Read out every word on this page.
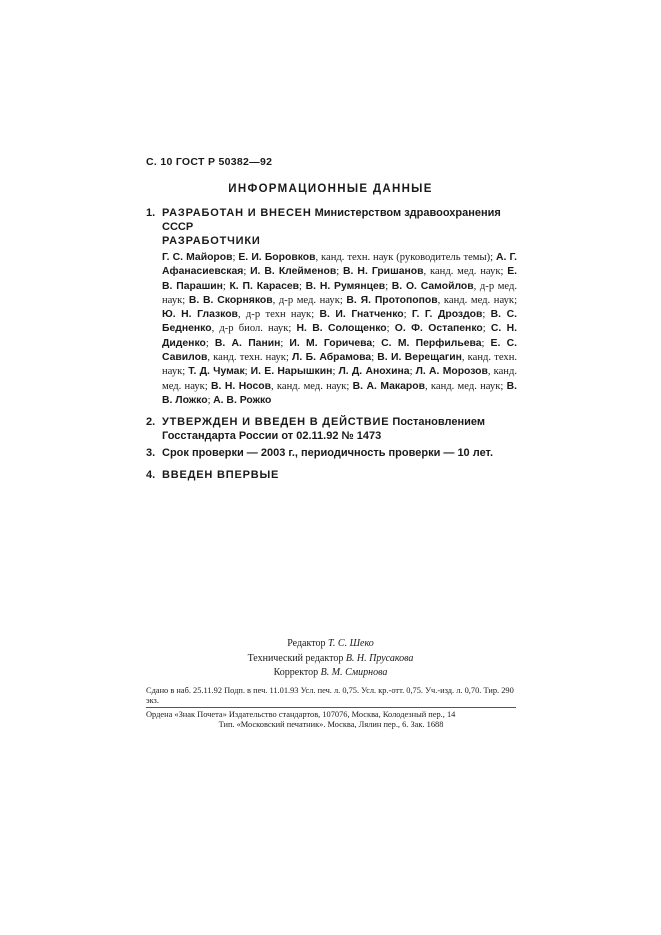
С. 10 ГОСТ Р 50382—92
ИНФОРМАЦИОННЫЕ ДАННЫЕ
1. РАЗРАБОТАН И ВНЕСЕН Министерством здравоохранения СССР
РАЗРАБОТЧИКИ
Г. С. Майоров; Е. И. Боровков, канд. техн. наук (руководитель темы); А. Г. Афанасиевская; И. В. Клейменов; В. Н. Гришанов, канд. мед. наук; Е. В. Парашин; К. П. Карасев; В. Н. Румянцев; В. О. Самойлов, д-р мед. наук; В. В. Скорняков, д-р мед. наук; В. Я. Протопопов, канд. мед. наук; Ю. Н. Глазков, д-р техн наук; В. И. Гнатченко; Г. Г. Дроздов; В. С. Бедненко, д-р биол. наук; Н. В. Солощенко; О. Ф. Остапенко; С. Н. Диденко; В. А. Панин; И. М. Горичева; С. М. Перфильева; Е. С. Савилов, канд. техн. наук; Л. Б. Абрамова; В. И. Верещагин, канд. техн. наук; Т. Д. Чумак; И. Е. Нарышкин; Л. Д. Анохина; Л. А. Морозов, канд. мед. наук; В. Н. Носов, канд. мед. наук; В. А. Макаров, канд. мед. наук; В. В. Ложко; А. В. Рожко
2. УТВЕРЖДЕН И ВВЕДЕН В ДЕЙСТВИЕ Постановлением Госстандарта России от 02.11.92 № 1473
3. Срок проверки — 2003 г., периодичность проверки — 10 лет.
4. ВВЕДЕН ВПЕРВЫЕ
Редактор Т. С. Шеко
Технический редактор В. Н. Прусакова
Корректор В. М. Смирнова
Сдано в наб. 25.11.92 Подп. в печ. 11.01.93 Усл. печ. л. 0,75. Усл. кр.-отт. 0,75. Уч.-изд. л. 0,70. Тир. 290 экз.
Ордена «Знак Почета» Издательство стандартов, 107076, Москва, Колодезный пер., 14
Тип. «Московский печатник». Москва, Лялин пер., 6. Зак. 1688
